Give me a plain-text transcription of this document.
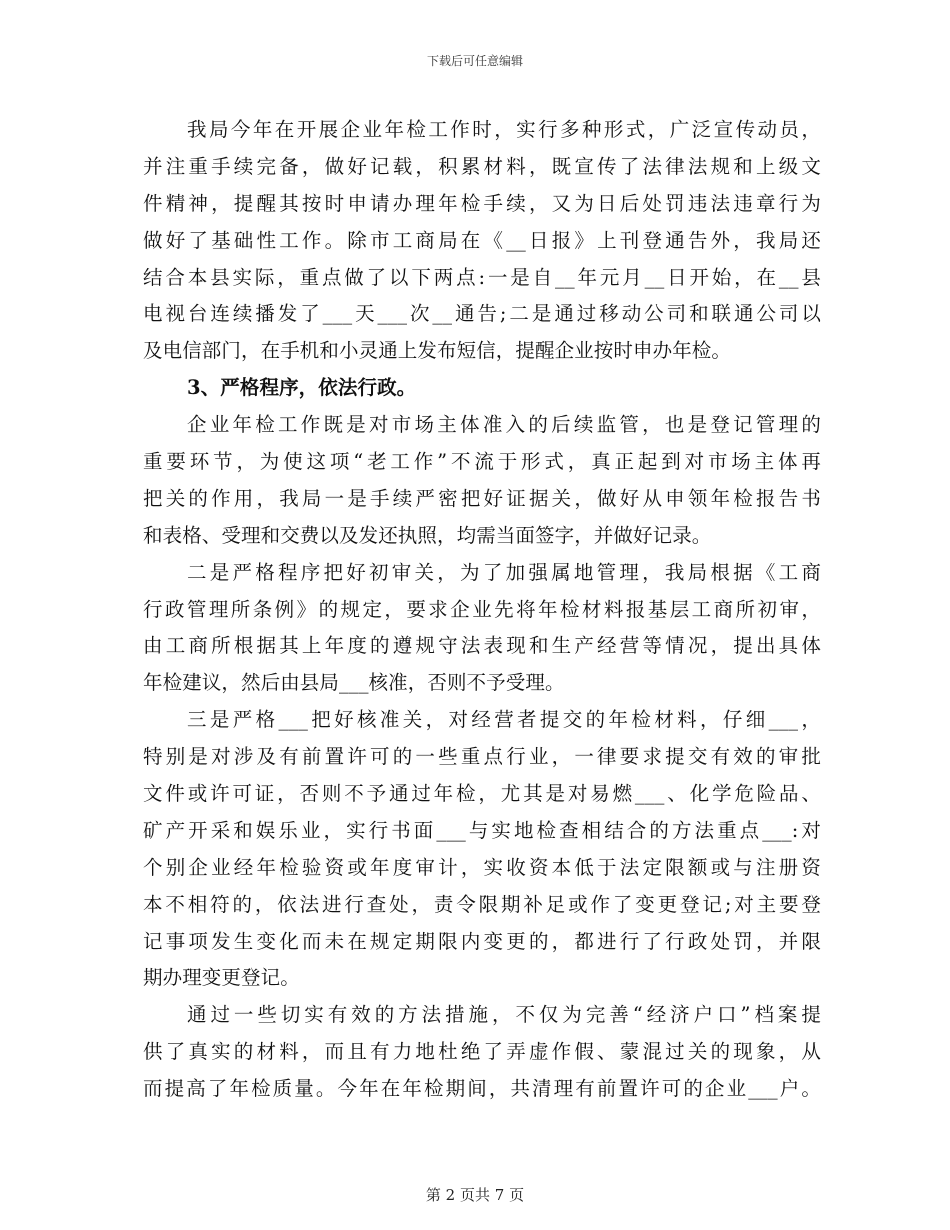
下载后可任意编辑
我局今年在开展企业年检工作时，实行多种形式，广泛宣传动员，
并注重手续完备，做好记载，积累材料，既宣传了法律法规和上级文
件精神，提醒其按时申请办理年检手续，又为日后处罚违法违章行为
做好了基础性工作。除市工商局在《__日报》上刊登通告外，我局还
结合本县实际，重点做了以下两点:一是自__年元月__日开始，在__县
电视台连续播发了___天___次__通告;二是通过移动公司和联通公司以
及电信部门，在手机和小灵通上发布短信，提醒企业按时申办年检。
3、严格程序，依法行政。
企业年检工作既是对市场主体准入的后续监管，也是登记管理的
重要环节，为使这项“老工作”不流于形式，真正起到对市场主体再
把关的作用，我局一是手续严密把好证据关，做好从申领年检报告书
和表格、受理和交费以及发还执照，均需当面签字，并做好记录。
二是严格程序把好初审关，为了加强属地管理，我局根据《工商
行政管理所条例》的规定，要求企业先将年检材料报基层工商所初审，
由工商所根据其上年度的遵规守法表现和生产经营等情况，提出具体
年检建议，然后由县局___核准，否则不予受理。
三是严格___把好核准关，对经营者提交的年检材料，仔细___，
特别是对涉及有前置许可的一些重点行业，一律要求提交有效的审批
文件或许可证，否则不予通过年检，尤其是对易燃___、化学危险品、
矿产开采和娱乐业，实行书面___与实地检查相结合的方法重点___:对
个别企业经年检验资或年度审计，实收资本低于法定限额或与注册资
本不相符的，依法进行查处，责令限期补足或作了变更登记;对主要登
记事项发生变化而未在规定期限内变更的，都进行了行政处罚，并限
期办理变更登记。
通过一些切实有效的方法措施，不仅为完善“经济户口”档案提
供了真实的材料，而且有力地杜绝了弄虚作假、蒙混过关的现象，从
而提高了年检质量。今年在年检期间，共清理有前置许可的企业___户。
第 2 页共 7 页
